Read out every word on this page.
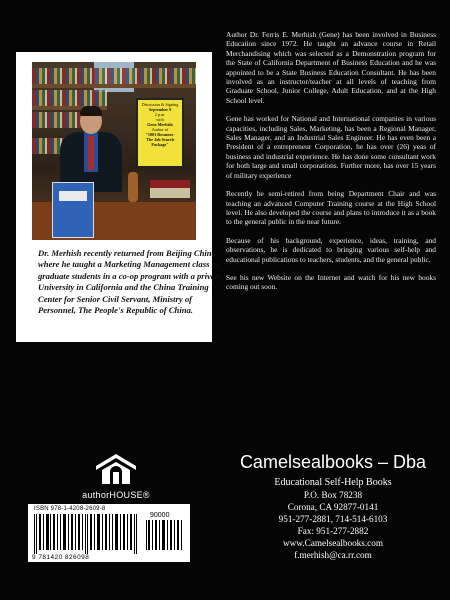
Discussion & Signing
September 9
2 p.m.
with
Gene Merhish
Author of
"1001 Resumes-
The Job Search
Package"

Dr. Merhish recently returned from Beijing China where he taught a Marketing Management class to graduate students in a co-op program with a private University in California and the China Training Center for Senior Civil Servant, Ministry of Personnel, The People's Republic of China.

Author Dr. Ferris E. Merhish (Gene) has been involved in Business Education since 1972. He taught an advance course in Retail Merchandising which was selected as a Demonstration program for the State of California Department of Business Education and he was appointed to be a State Business Education Consultant. He has been involved as an instructor/teacher at all levels of teaching from Graduate School, Junior College, Adult Education, and at the High School level.

Gene has worked for National and International companies in various capacities, including Sales, Marketing, has been a Regional Manager, Sales Manager, and an Industrial Sales Engineer. He has even been a President of a entrepreneur Corporation, he has over (26) yeas of business and industrial experience. He has done some consultant work for both large and small corporations. Further more, has over 15 years of military experience

Recently he semi-retired from being Department Chair and was teaching an advanced Computer Training course at the High School level. He also developed the course and plans to introduce it as a book to the general public in the near future.

Because of his background, experience, ideas, training, and observations, he is dedicated to bringing various self-help and educational publications to teachers, students, and the general public.

See his new Website on the Internet and watch for his new books coming out soon.

authorHOUSE®
ISBN 978-1-4208-2609-8
90000
9 781420 826098

Camelsealbooks – Dba

Educational Self-Help Books

P.O. Box 78238

Corona, CA 92877-0141

951-277-2881, 714-514-6103

Fax: 951-277-2882

www.Camelsealbooks.com

f.merhish@ca.rr.com
